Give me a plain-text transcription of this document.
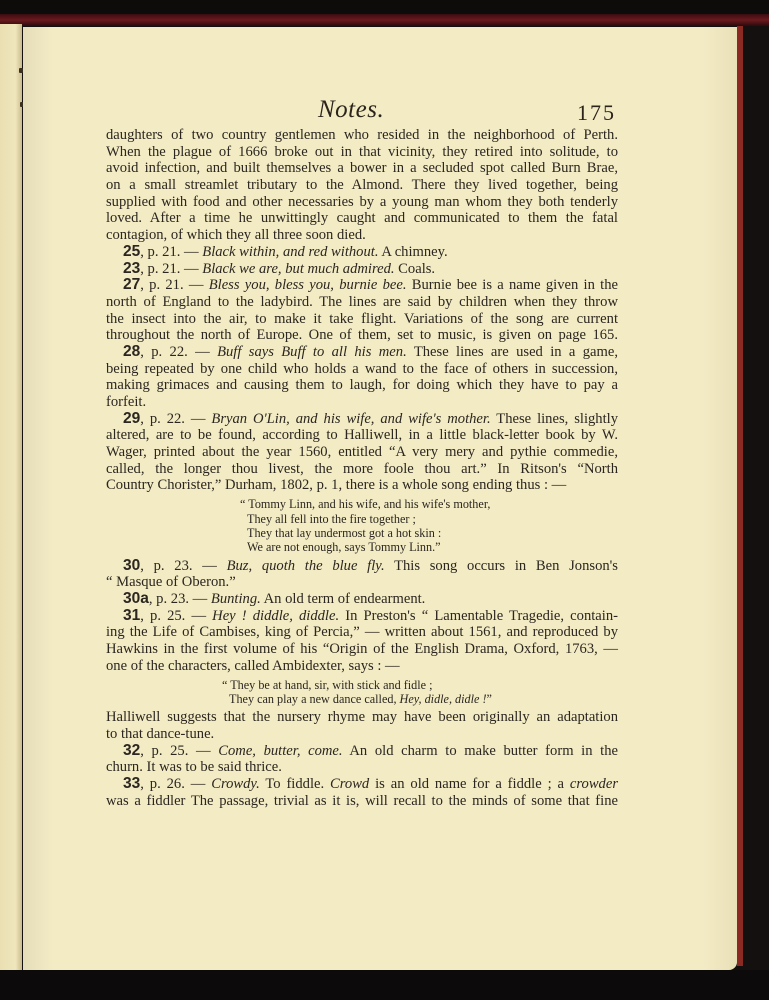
Notes.	175
daughters of two country gentlemen who resided in the neighborhood of Perth.
When the plague of 1666 broke out in that vicinity, they retired into solitude, to
avoid infection, and built themselves a bower in a secluded spot called Burn Brae,
on a small streamlet tributary to the Almond. There they lived together, being
supplied with food and other necessaries by a young man whom they both tenderly
loved. After a time he unwittingly caught and communicated to them the fatal
contagion, of which they all three soon died.
25, p. 21. — Black within, and red without. A chimney.
23, p. 21. — Black we are, but much admired. Coals.
27, p. 21. — Bless you, bless you, burnie bee. Burnie bee is a name given in the
north of England to the ladybird. The lines are said by children when they throw
the insect into the air, to make it take flight. Variations of the song are current
throughout the north of Europe. One of them, set to music, is given on page 165.
28, p. 22. — Buff says Buff to all his men. These lines are used in a game,
being repeated by one child who holds a wand to the face of others in succession,
making grimaces and causing them to laugh, for doing which they have to pay a
forfeit.
29, p. 22. — Bryan O'Lin, and his wife, and wife's mother. These lines, slightly
altered, are to be found, according to Halliwell, in a little black-letter book by W.
Wager, printed about the year 1560, entitled “A very mery and pythie commedie,
called, the longer thou livest, the more foole thou art.” In Ritson's “North
Country Chorister,” Durham, 1802, p. 1, there is a whole song ending thus : —
“ Tommy Linn, and his wife, and his wife's mother,
They all fell into the fire together ;
They that lay undermost got a hot skin :
We are not enough, says Tommy Linn.”
30, p. 23. — Buz, quoth the blue fly. This song occurs in Ben Jonson's
“ Masque of Oberon.”
30a, p. 23. — Bunting. An old term of endearment.
31, p. 25. — Hey ! diddle, diddle. In Preston's “ Lamentable Tragedie, contain-
ing the Life of Cambises, king of Percia,” — written about 1561, and reproduced by
Hawkins in the first volume of his “Origin of the English Drama, Oxford, 1763, —
one of the characters, called Ambidexter, says : —
“ They be at hand, sir, with stick and fidle ;
They can play a new dance called, Hey, didle, didle !”
Halliwell suggests that the nursery rhyme may have been originally an adaptation
to that dance-tune.
32, p. 25. — Come, butter, come. An old charm to make butter form in the
churn. It was to be said thrice.
33, p. 26. — Crowdy. To fiddle. Crowd is an old name for a fiddle ; a crowder
was a fiddler The passage, trivial as it is, will recall to the minds of some that fine
